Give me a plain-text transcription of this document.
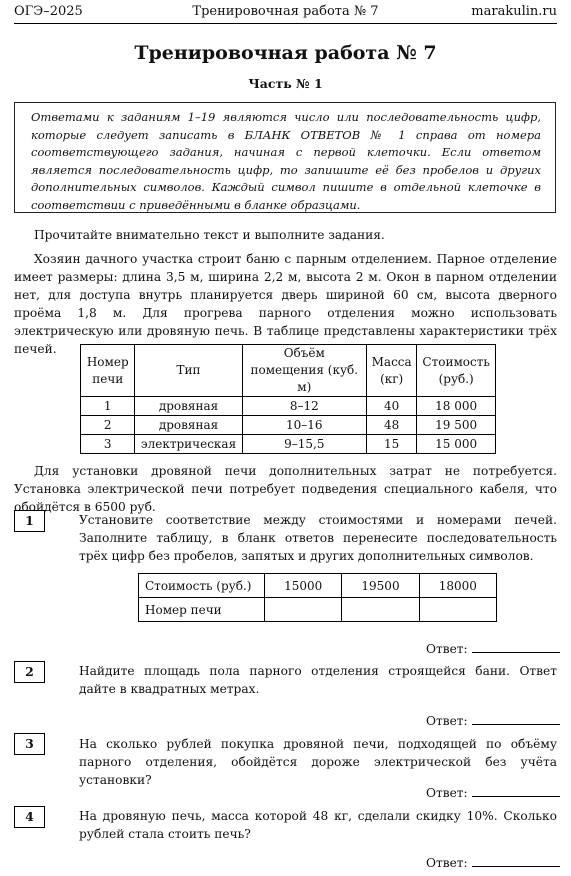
ОГЭ–2025	Тренировочная работа № 7	marakulin.ru
Тренировочная работа № 7
Часть № 1
Ответами к заданиям 1–19 являются число или последовательность цифр, которые следует записать в БЛАНК ОТВЕТОВ № 1 справа от номера соответствующего задания, начиная с первой клеточки. Если ответом является последовательность цифр, то запишите её без пробелов и других дополнительных символов. Каждый символ пишите в отдельной клеточке в соответствии с приведёнными в бланке образцами.
Прочитайте внимательно текст и выполните задания.
Хозяин дачного участка строит баню с парным отделением. Парное отделение имеет размеры: длина 3,5 м, ширина 2,2 м, высота 2 м. Окон в парном отделении нет, для доступа внутрь планируется дверь шириной 60 см, высота дверного проёма 1,8 м. Для прогрева парного отделения можно использовать электрическую или дровяную печь. В таблице представлены характеристики трёх печей.
Номер печи	Тип	Объём помещения (куб. м)	Масса (кг)	Стоимость (руб.)
1	дровяная	8–12	40	18 000
2	дровяная	10–16	48	19 500
3	электрическая	9–15,5	15	15 000
Для установки дровяной печи дополнительных затрат не потребуется. Установка электрической печи потребует подведения специального кабеля, что обойдётся в 6500 руб.
1	Установите соответствие между стоимостями и номерами печей. Заполните таблицу, в бланк ответов перенесите последовательность трёх цифр без пробелов, запятых и других дополнительных символов.
Стоимость (руб.)	15000	19500	18000
Номер печи			
Ответ:
2	Найдите площадь пола парного отделения строящейся бани. Ответ дайте в квадратных метрах.
Ответ:
3	На сколько рублей покупка дровяной печи, подходящей по объёму парного отделения, обойдётся дороже электрической без учёта установки?
Ответ:
4	На дровяную печь, масса которой 48 кг, сделали скидку 10%. Сколько рублей стала стоить печь?
Ответ:
